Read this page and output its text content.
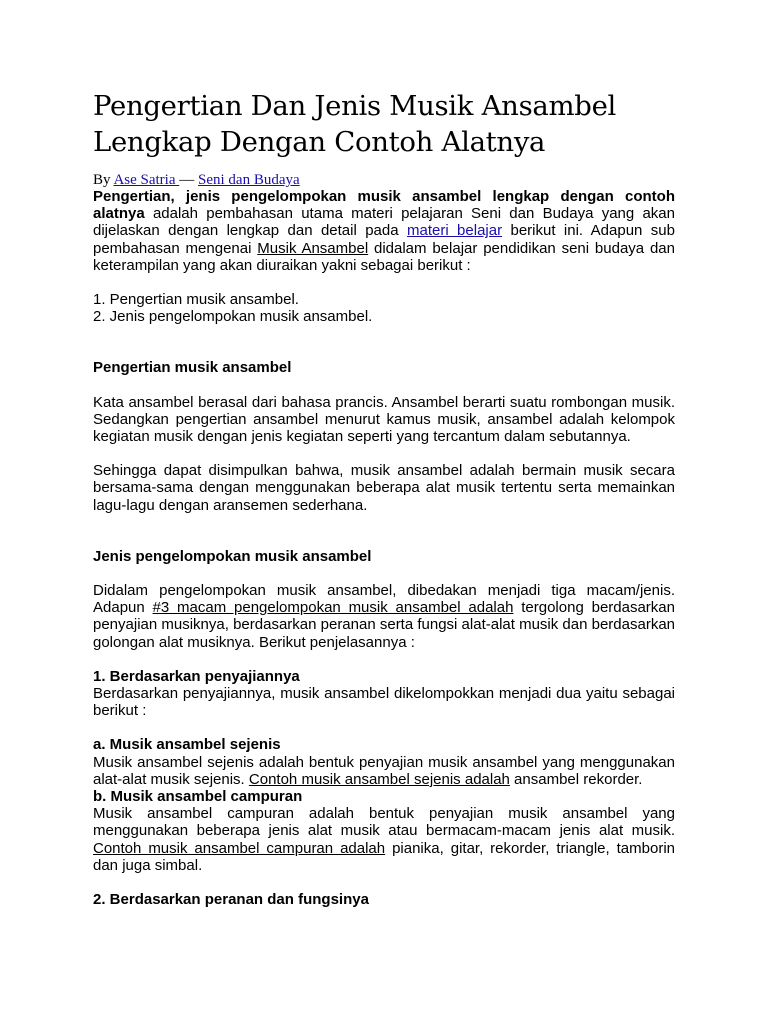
Pengertian Dan Jenis Musik Ansambel
Lengkap Dengan Contoh Alatnya

By Ase Satria — Seni dan Budaya

Pengertian, jenis pengelompokan musik ansambel lengkap dengan contoh alatnya adalah pembahasan utama materi pelajaran Seni dan Budaya yang akan dijelaskan dengan lengkap dan detail pada materi belajar berikut ini. Adapun sub pembahasan mengenai Musik Ansambel didalam belajar pendidikan seni budaya dan keterampilan yang akan diuraikan yakni sebagai berikut :

1. Pengertian musik ansambel.

2. Jenis pengelompokan musik ansambel.

Pengertian musik ansambel

Kata ansambel berasal dari bahasa prancis. Ansambel berarti suatu rombongan musik. Sedangkan pengertian ansambel menurut kamus musik, ansambel adalah kelompok kegiatan musik dengan jenis kegiatan seperti yang tercantum dalam sebutannya.

Sehingga dapat disimpulkan bahwa, musik ansambel adalah bermain musik secara bersama-sama dengan menggunakan beberapa alat musik tertentu serta memainkan lagu-lagu dengan aransemen sederhana.

Jenis pengelompokan musik ansambel

Didalam pengelompokan musik ansambel, dibedakan menjadi tiga macam/jenis. Adapun #3 macam pengelompokan musik ansambel adalah tergolong berdasarkan penyajian musiknya, berdasarkan peranan serta fungsi alat-alat musik dan berdasarkan golongan alat musiknya. Berikut penjelasannya :

1. Berdasarkan penyajiannya

Berdasarkan penyajiannya, musik ansambel dikelompokkan menjadi dua yaitu sebagai berikut :

a. Musik ansambel sejenis

Musik ansambel sejenis adalah bentuk penyajian musik ansambel yang menggunakan alat-alat musik sejenis. Contoh musik ansambel sejenis adalah ansambel rekorder.

b. Musik ansambel campuran

Musik ansambel campuran adalah bentuk penyajian musik ansambel yang menggunakan beberapa jenis alat musik atau bermacam-macam jenis alat musik. Contoh musik ansambel campuran adalah pianika, gitar, rekorder, triangle, tamborin dan juga simbal.

2. Berdasarkan peranan dan fungsinya
